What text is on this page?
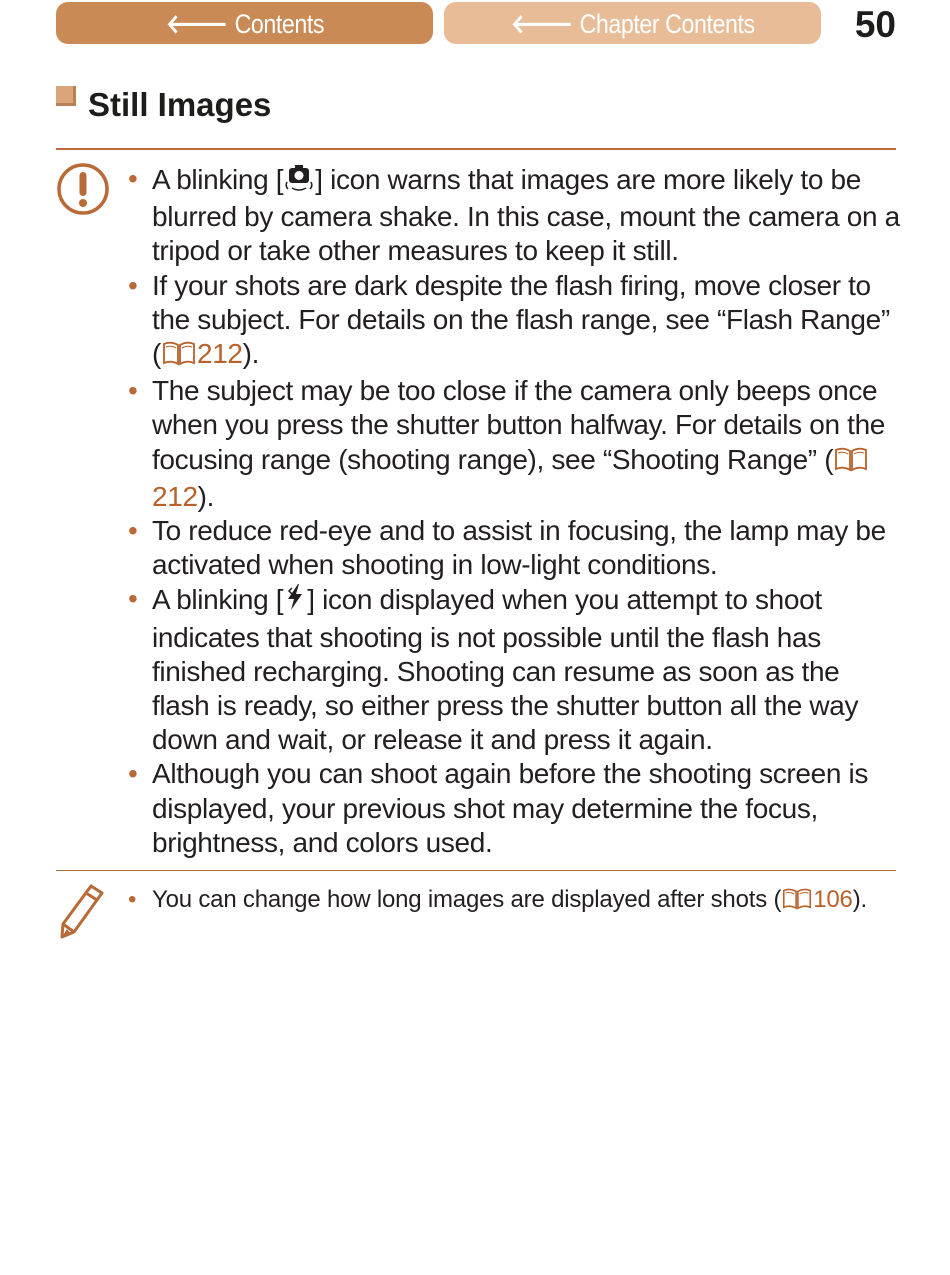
🡐 Contents	🡐 Chapter Contents	50
Still Images
• A blinking [ ] icon warns that images are more likely to be blurred by camera shake. In this case, mount the camera on a tripod or take other measures to keep it still.
• If your shots are dark despite the flash firing, move closer to the subject. For details on the flash range, see “Flash Range” ( 212).
• The subject may be too close if the camera only beeps once when you press the shutter button halfway. For details on the focusing range (shooting range), see “Shooting Range” (212).
• To reduce red-eye and to assist in focusing, the lamp may be activated when shooting in low-light conditions.
• A blinking [ ] icon displayed when you attempt to shoot indicates that shooting is not possible until the flash has finished recharging. Shooting can resume as soon as the flash is ready, so either press the shutter button all the way down and wait, or release it and press it again.
• Although you can shoot again before the shooting screen is displayed, your previous shot may determine the focus, brightness, and colors used.
• You can change how long images are displayed after shots ( 106).
